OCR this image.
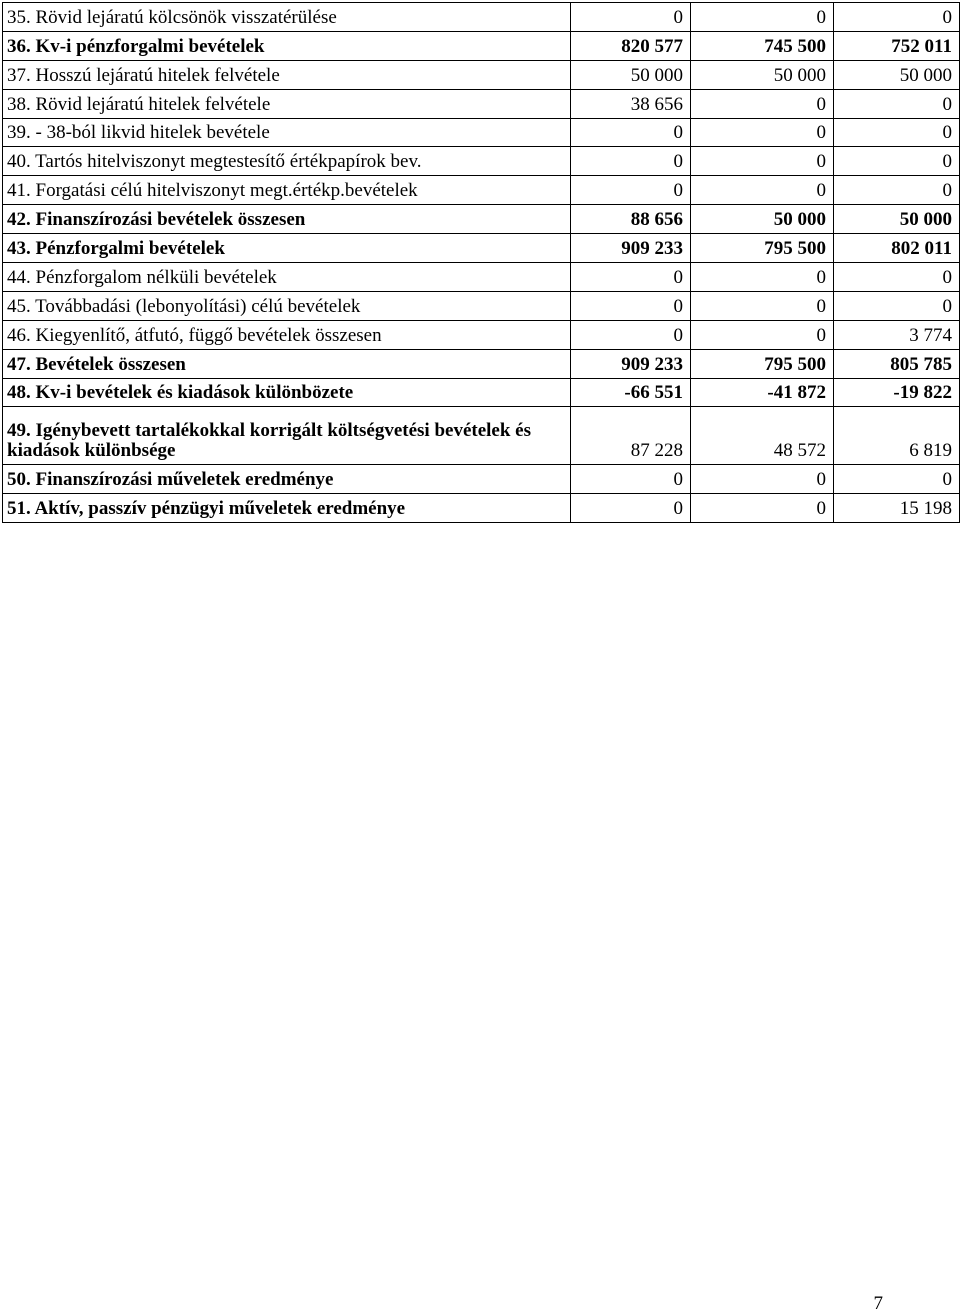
35. Rövid lejáratú kölcsönök visszatérülése	0	0	0
36. Kv-i pénzforgalmi bevételek	820 577	745 500	752 011
37. Hosszú lejáratú hitelek felvétele	50 000	50 000	50 000
38. Rövid lejáratú hitelek felvétele	38 656	0	0
39. - 38-ból likvid hitelek bevétele	0	0	0
40. Tartós hitelviszonyt megtestesítő értékpapírok bev.	0	0	0
41. Forgatási célú hitelviszonyt megt.értékp.bevételek	0	0	0
42. Finanszírozási bevételek összesen	88 656	50 000	50 000
43. Pénzforgalmi bevételek	909 233	795 500	802 011
44. Pénzforgalom nélküli bevételek	0	0	0
45. Továbbadási (lebonyolítási) célú bevételek	0	0	0
46. Kiegyenlítő, átfutó, függő bevételek összesen	0	0	3 774
47. Bevételek összesen	909 233	795 500	805 785
48. Kv-i bevételek és kiadások különbözete	-66 551	-41 872	-19 822
49. Igénybevett tartalékokkal korrigált költségvetési bevételek és kiadások különbsége	87 228	48 572	6 819
50. Finanszírozási műveletek eredménye	0	0	0
51. Aktív, passzív pénzügyi műveletek eredménye	0	0	15 198
7
